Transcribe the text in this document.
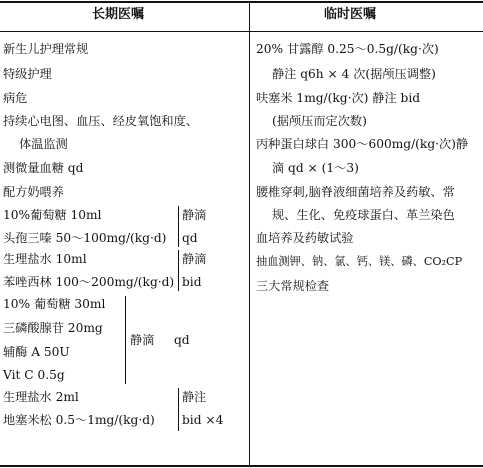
长期医嘱	临时医嘱
新生儿护理常规
特级护理
病危
持续心电图、血压、经皮氧饱和度、
体温监测
测微量血糖 qd
配方奶喂养
10%葡萄糖 10ml
头孢三嗪 50～100mg/(kg·d)
静滴
qd
生理盐水 10ml
苯唑西林 100～200mg/(kg·d)
静滴
bid
10% 葡萄糖 30ml
三磷酸腺苷 20mg
辅酶 A 50U
Vit C 0.5g
静滴 qd
生理盐水 2ml
地塞米松 0.5～1mg/(kg·d)
静注
bid ×4
20% 甘露醇 0.25～0.5g/(kg·次)
静注 q6h × 4 次(据颅压调整)
呋塞米 1mg/(kg·次) 静注 bid
(据颅压而定次数)
丙种蛋白球白 300～600mg/(kg·次)静
滴 qd × (1～3)
腰椎穿刺,脑脊液细菌培养及药敏、常
规、生化、免疫球蛋白、革兰染色
血培养及药敏试验
抽血测钾、钠、氯、钙、镁、磷、CO₂CP
三大常规检查
